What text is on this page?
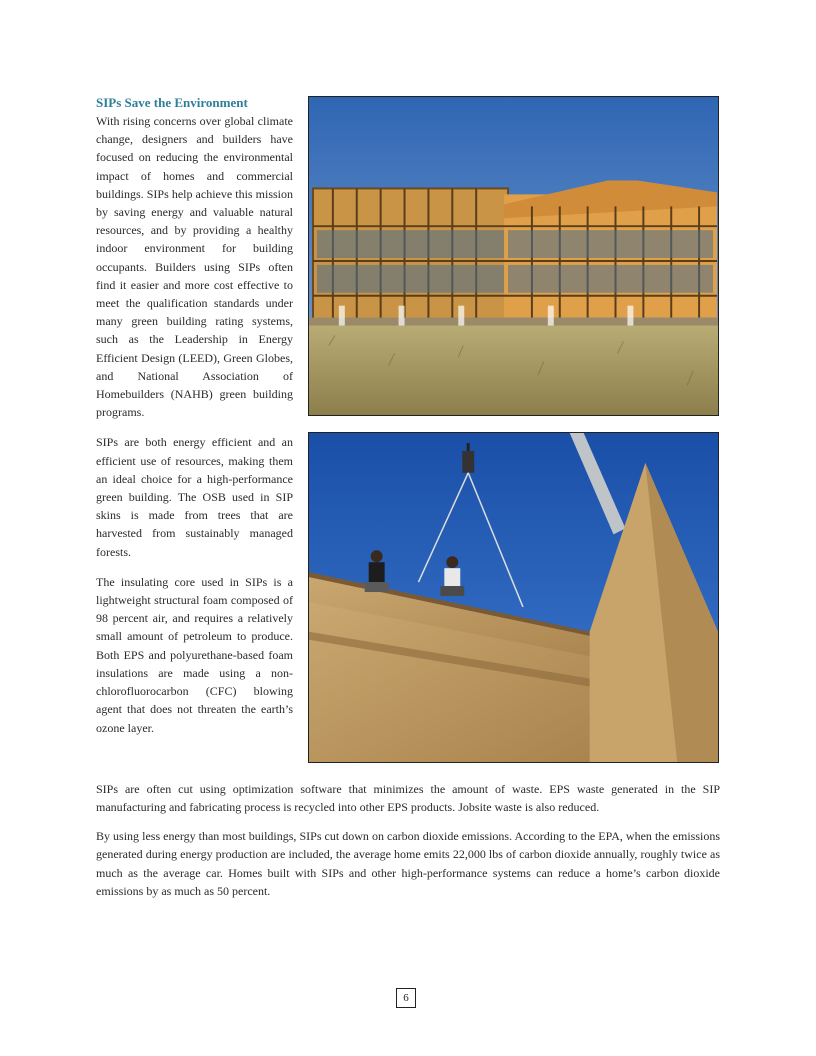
SIPs Save the Environment

With rising concerns over global climate change, designers and builders have focused on reducing the environmental impact of homes and commercial buildings. SIPs help achieve this mission by saving energy and valuable natural resources, and by providing a healthy indoor environment for building occupants. Builders using SIPs often find it easier and more cost effective to meet the qualification standards under many green building rating systems, such as the Leadership in Energy Efficient Design (LEED), Green Globes, and National Association of Homebuilders (NAHB) green building programs.

SIPs are both energy efficient and an efficient use of resources, making them an ideal choice for a high-performance green building. The OSB used in SIP skins is made from trees that are harvested from sustainably managed forests.

The insulating core used in SIPs is a lightweight structural foam composed of 98 percent air, and requires a relatively small amount of petroleum to produce. Both EPS and polyurethane-based foam insulations are made using a non-chlorofluorocarbon (CFC) blowing agent that does not threaten the earth’s ozone layer.

SIPs are often cut using optimization software that minimizes the amount of waste. EPS waste generated in the SIP manufacturing and fabricating process is recycled into other EPS products. Jobsite waste is also reduced.

By using less energy than most buildings, SIPs cut down on carbon dioxide emissions. According to the EPA, when the emissions generated during energy production are included, the average home emits 22,000 lbs of carbon dioxide annually, roughly twice as much as the average car. Homes built with SIPs and other high-performance systems can reduce a home’s carbon dioxide emissions by as much as 50 percent.

6
